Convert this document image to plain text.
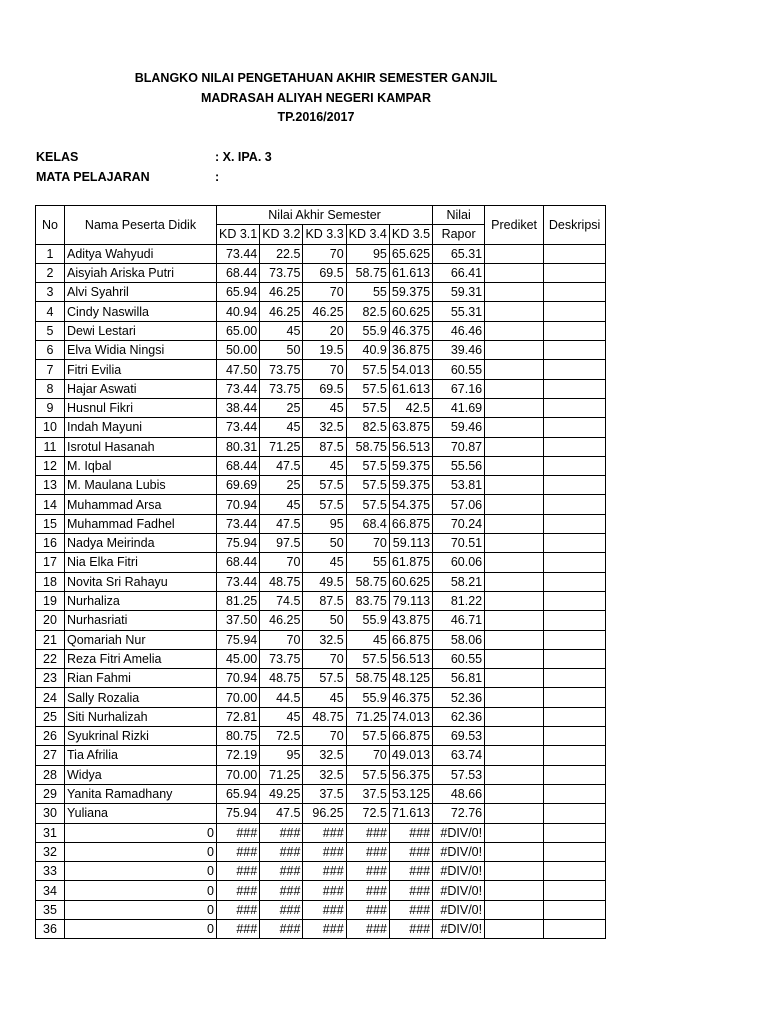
BLANGKO NILAI PENGETAHUAN AKHIR SEMESTER GANJIL
MADRASAH ALIYAH NEGERI KAMPAR
TP.2016/2017
KELAS	: X. IPA. 3
MATA PELAJARAN	:
No	Nama Peserta Didik	Nilai Akhir Semester					Nilai	Prediket	Deskripsi
		KD 3.1	KD 3.2	KD 3.3	KD 3.4	KD 3.5	Rapor		
1	Aditya Wahyudi	73.44	22.5	70	95	65.625	65.31		
2	Aisyiah Ariska Putri	68.44	73.75	69.5	58.75	61.613	66.41		
3	Alvi Syahril	65.94	46.25	70	55	59.375	59.31		
4	Cindy Naswilla	40.94	46.25	46.25	82.5	60.625	55.31		
5	Dewi Lestari	65.00	45	20	55.9	46.375	46.46		
6	Elva Widia Ningsi	50.00	50	19.5	40.9	36.875	39.46		
7	Fitri Evilia	47.50	73.75	70	57.5	54.013	60.55		
8	Hajar Aswati	73.44	73.75	69.5	57.5	61.613	67.16		
9	Husnul Fikri	38.44	25	45	57.5	42.5	41.69		
10	Indah Mayuni	73.44	45	32.5	82.5	63.875	59.46		
11	Isrotul Hasanah	80.31	71.25	87.5	58.75	56.513	70.87		
12	M. Iqbal	68.44	47.5	45	57.5	59.375	55.56		
13	M. Maulana Lubis	69.69	25	57.5	57.5	59.375	53.81		
14	Muhammad Arsa	70.94	45	57.5	57.5	54.375	57.06		
15	Muhammad Fadhel	73.44	47.5	95	68.4	66.875	70.24		
16	Nadya Meirinda	75.94	97.5	50	70	59.113	70.51		
17	Nia Elka Fitri	68.44	70	45	55	61.875	60.06		
18	Novita Sri Rahayu	73.44	48.75	49.5	58.75	60.625	58.21		
19	Nurhaliza	81.25	74.5	87.5	83.75	79.113	81.22		
20	Nurhasriati	37.50	46.25	50	55.9	43.875	46.71		
21	Qomariah Nur	75.94	70	32.5	45	66.875	58.06		
22	Reza Fitri Amelia	45.00	73.75	70	57.5	56.513	60.55		
23	Rian Fahmi	70.94	48.75	57.5	58.75	48.125	56.81		
24	Sally Rozalia	70.00	44.5	45	55.9	46.375	52.36		
25	Siti Nurhalizah	72.81	45	48.75	71.25	74.013	62.36		
26	Syukrinal Rizki	80.75	72.5	70	57.5	66.875	69.53		
27	Tia Afrilia	72.19	95	32.5	70	49.013	63.74		
28	Widya	70.00	71.25	32.5	57.5	56.375	57.53		
29	Yanita Ramadhany	65.94	49.25	37.5	37.5	53.125	48.66		
30	Yuliana	75.94	47.5	96.25	72.5	71.613	72.76		
31	0	###	###	###	###	###	#DIV/0!		
32	0	###	###	###	###	###	#DIV/0!		
33	0	###	###	###	###	###	#DIV/0!		
34	0	###	###	###	###	###	#DIV/0!		
35	0	###	###	###	###	###	#DIV/0!		
36	0	###	###	###	###	###	#DIV/0!		
